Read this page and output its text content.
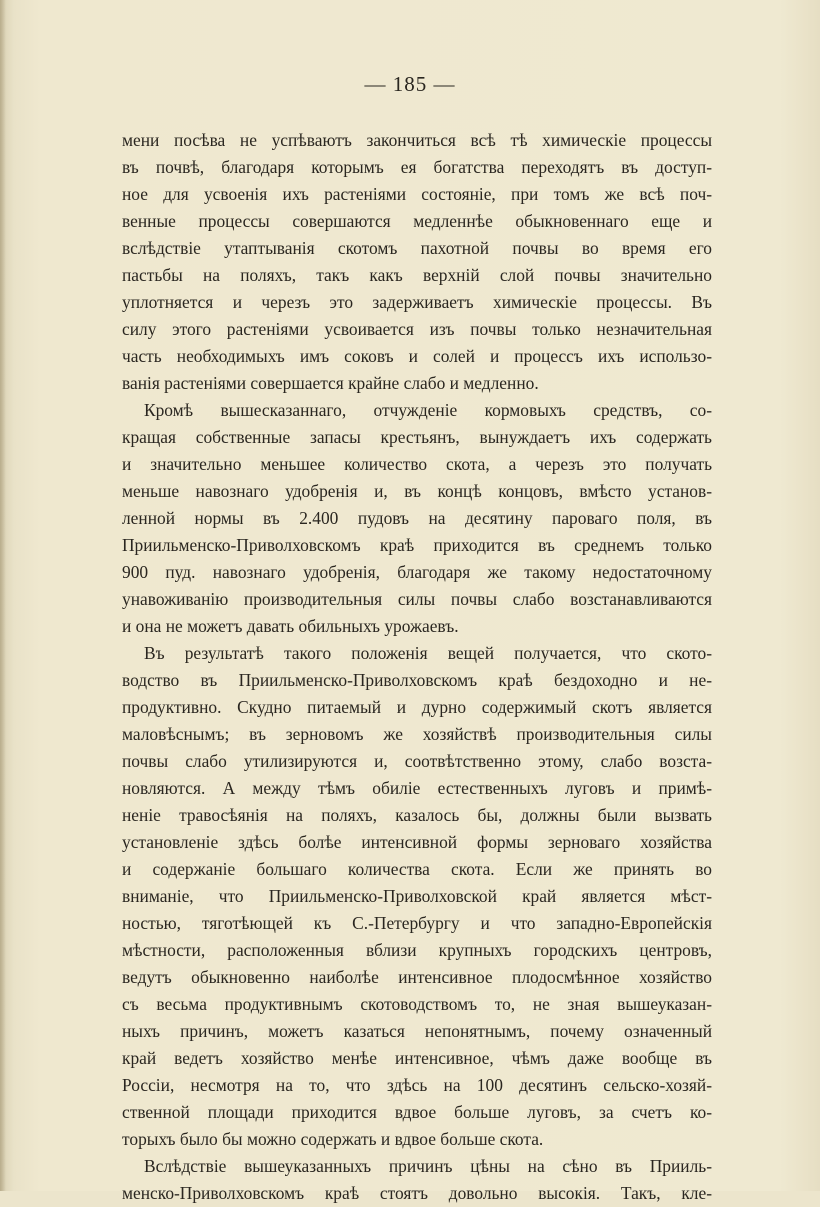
— 185 —
мени посѣва не успѣваютъ закончиться всѣ тѣ химическіе процессы
въ почвѣ, благодаря которымъ ея богатства переходятъ въ доступ-
ное для усвоенія ихъ растеніями состояніе, при томъ же всѣ поч-
венные процессы совершаются медленнѣе обыкновеннаго еще и
вслѣдствіе утаптыванія скотомъ пахотной почвы во время его
пастьбы на поляхъ, такъ какъ верхній слой почвы значительно
уплотняется и черезъ это задерживаетъ химическіе процессы. Въ
силу этого растеніями усвоивается изъ почвы только незначительная
часть необходимыхъ имъ соковъ и солей и процессъ ихъ использо-
ванія растеніями совершается крайне слабо и медленно.
Кромѣ вышесказаннаго, отчужденіе кормовыхъ средствъ, со-
кращая собственные запасы крестьянъ, вынуждаетъ ихъ содержать
и значительно меньшее количество скота, а черезъ это получать
меньше навознаго удобренія и, въ концѣ концовъ, вмѣсто установ-
ленной нормы въ 2.400 пудовъ на десятину пароваго поля, въ
Приильменско-Приволховскомъ краѣ приходится въ среднемъ только
900 пуд. навознаго удобренія, благодаря же такому недостаточному
унавоживанію производительныя силы почвы слабо возстанавливаются
и она не можетъ давать обильныхъ урожаевъ.
Въ результатѣ такого положенія вещей получается, что ското-
водство въ Приильменско-Приволховскомъ краѣ бездоходно и не-
продуктивно. Скудно питаемый и дурно содержимый скотъ является
маловѣснымъ; въ зерновомъ же хозяйствѣ производительныя силы
почвы слабо утилизируются и, соотвѣтственно этому, слабо возста-
новляются. А между тѣмъ обиліе естественныхъ луговъ и примѣ-
неніе травосѣянія на поляхъ, казалось бы, должны были вызвать
установленіе здѣсь болѣе интенсивной формы зерноваго хозяйства
и содержаніе большаго количества скота. Если же принять во
вниманіе, что Приильменско-Приволховской край является мѣст-
ностью, тяготѣющей къ С.-Петербургу и что западно-Европейскія
мѣстности, расположенныя вблизи крупныхъ городскихъ центровъ,
ведутъ обыкновенно наиболѣе интенсивное плодосмѣнное хозяйство
съ весьма продуктивнымъ скотоводствомъ то, не зная вышеуказан-
ныхъ причинъ, можетъ казаться непонятнымъ, почему означенный
край ведетъ хозяйство менѣе интенсивное, чѣмъ даже вообще въ
Россіи, несмотря на то, что здѣсь на 100 десятинъ сельско-хозяй-
ственной площади приходится вдвое больше луговъ, за счетъ ко-
торыхъ было бы можно содержать и вдвое больше скота.
Вслѣдствіе вышеуказанныхъ причинъ цѣны на сѣно въ Прииль-
менско-Приволховскомъ краѣ стоятъ довольно высокія. Такъ, кле-
